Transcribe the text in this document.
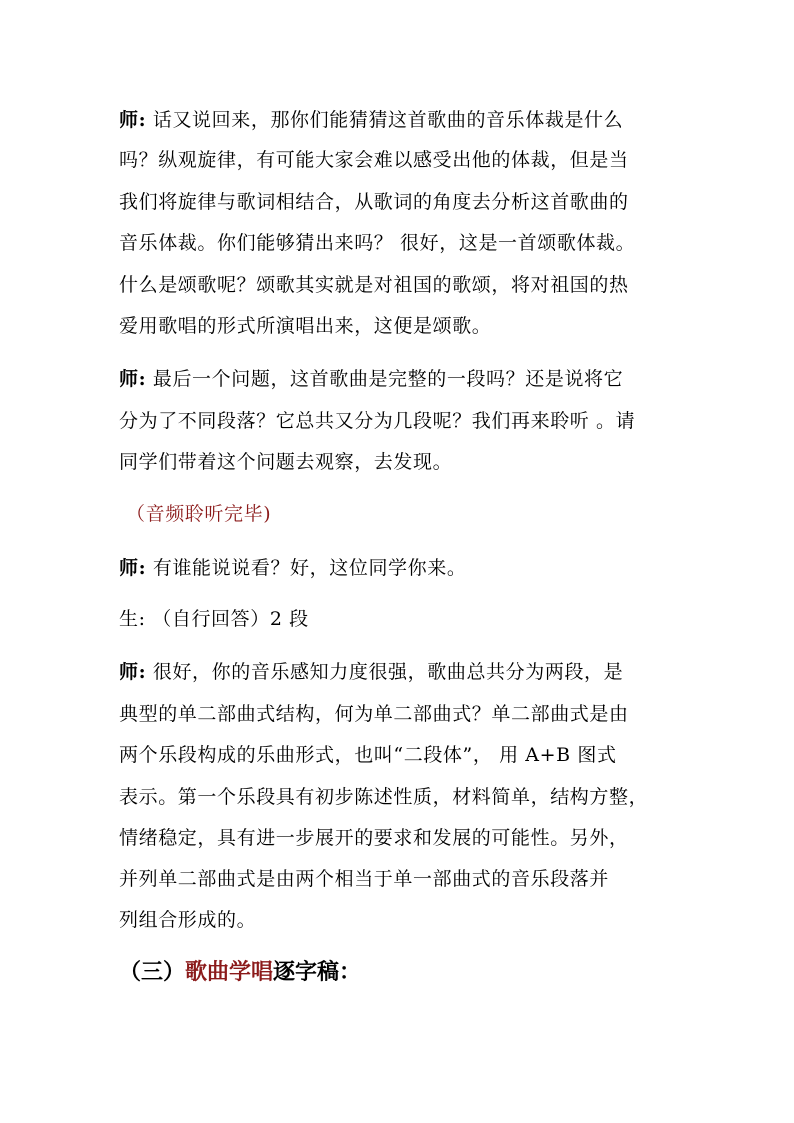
师: 话又说回来，那你们能猜猜这首歌曲的音乐体裁是什么
吗？纵观旋律，有可能大家会难以感受出他的体裁，但是当
我们将旋律与歌词相结合，从歌词的角度去分析这首歌曲的
音乐体裁。你们能够猜出来吗？ 很好，这是一首颂歌体裁。
什么是颂歌呢？颂歌其实就是对祖国的歌颂，将对祖国的热
爱用歌唱的形式所演唱出来，这便是颂歌。
师: 最后一个问题，这首歌曲是完整的一段吗？还是说将它
分为了不同段落？它总共又分为几段呢？我们再来聆听 。请
同学们带着这个问题去观察，去发现。
（音频聆听完毕)
师: 有谁能说说看？好，这位同学你来。
生: （自行回答）2 段
师: 很好，你的音乐感知力度很强，歌曲总共分为两段，是
典型的单二部曲式结构，何为单二部曲式？单二部曲式是由
两个乐段构成的乐曲形式，也叫“二段体”， 用 A+B 图式
表示。第一个乐段具有初步陈述性质，材料简单，结构方整，
情绪稳定，具有进一步展开的要求和发展的可能性。另外，
并列单二部曲式是由两个相当于单一部曲式的音乐段落并
列组合形成的。
（三）歌曲学唱逐字稿：
